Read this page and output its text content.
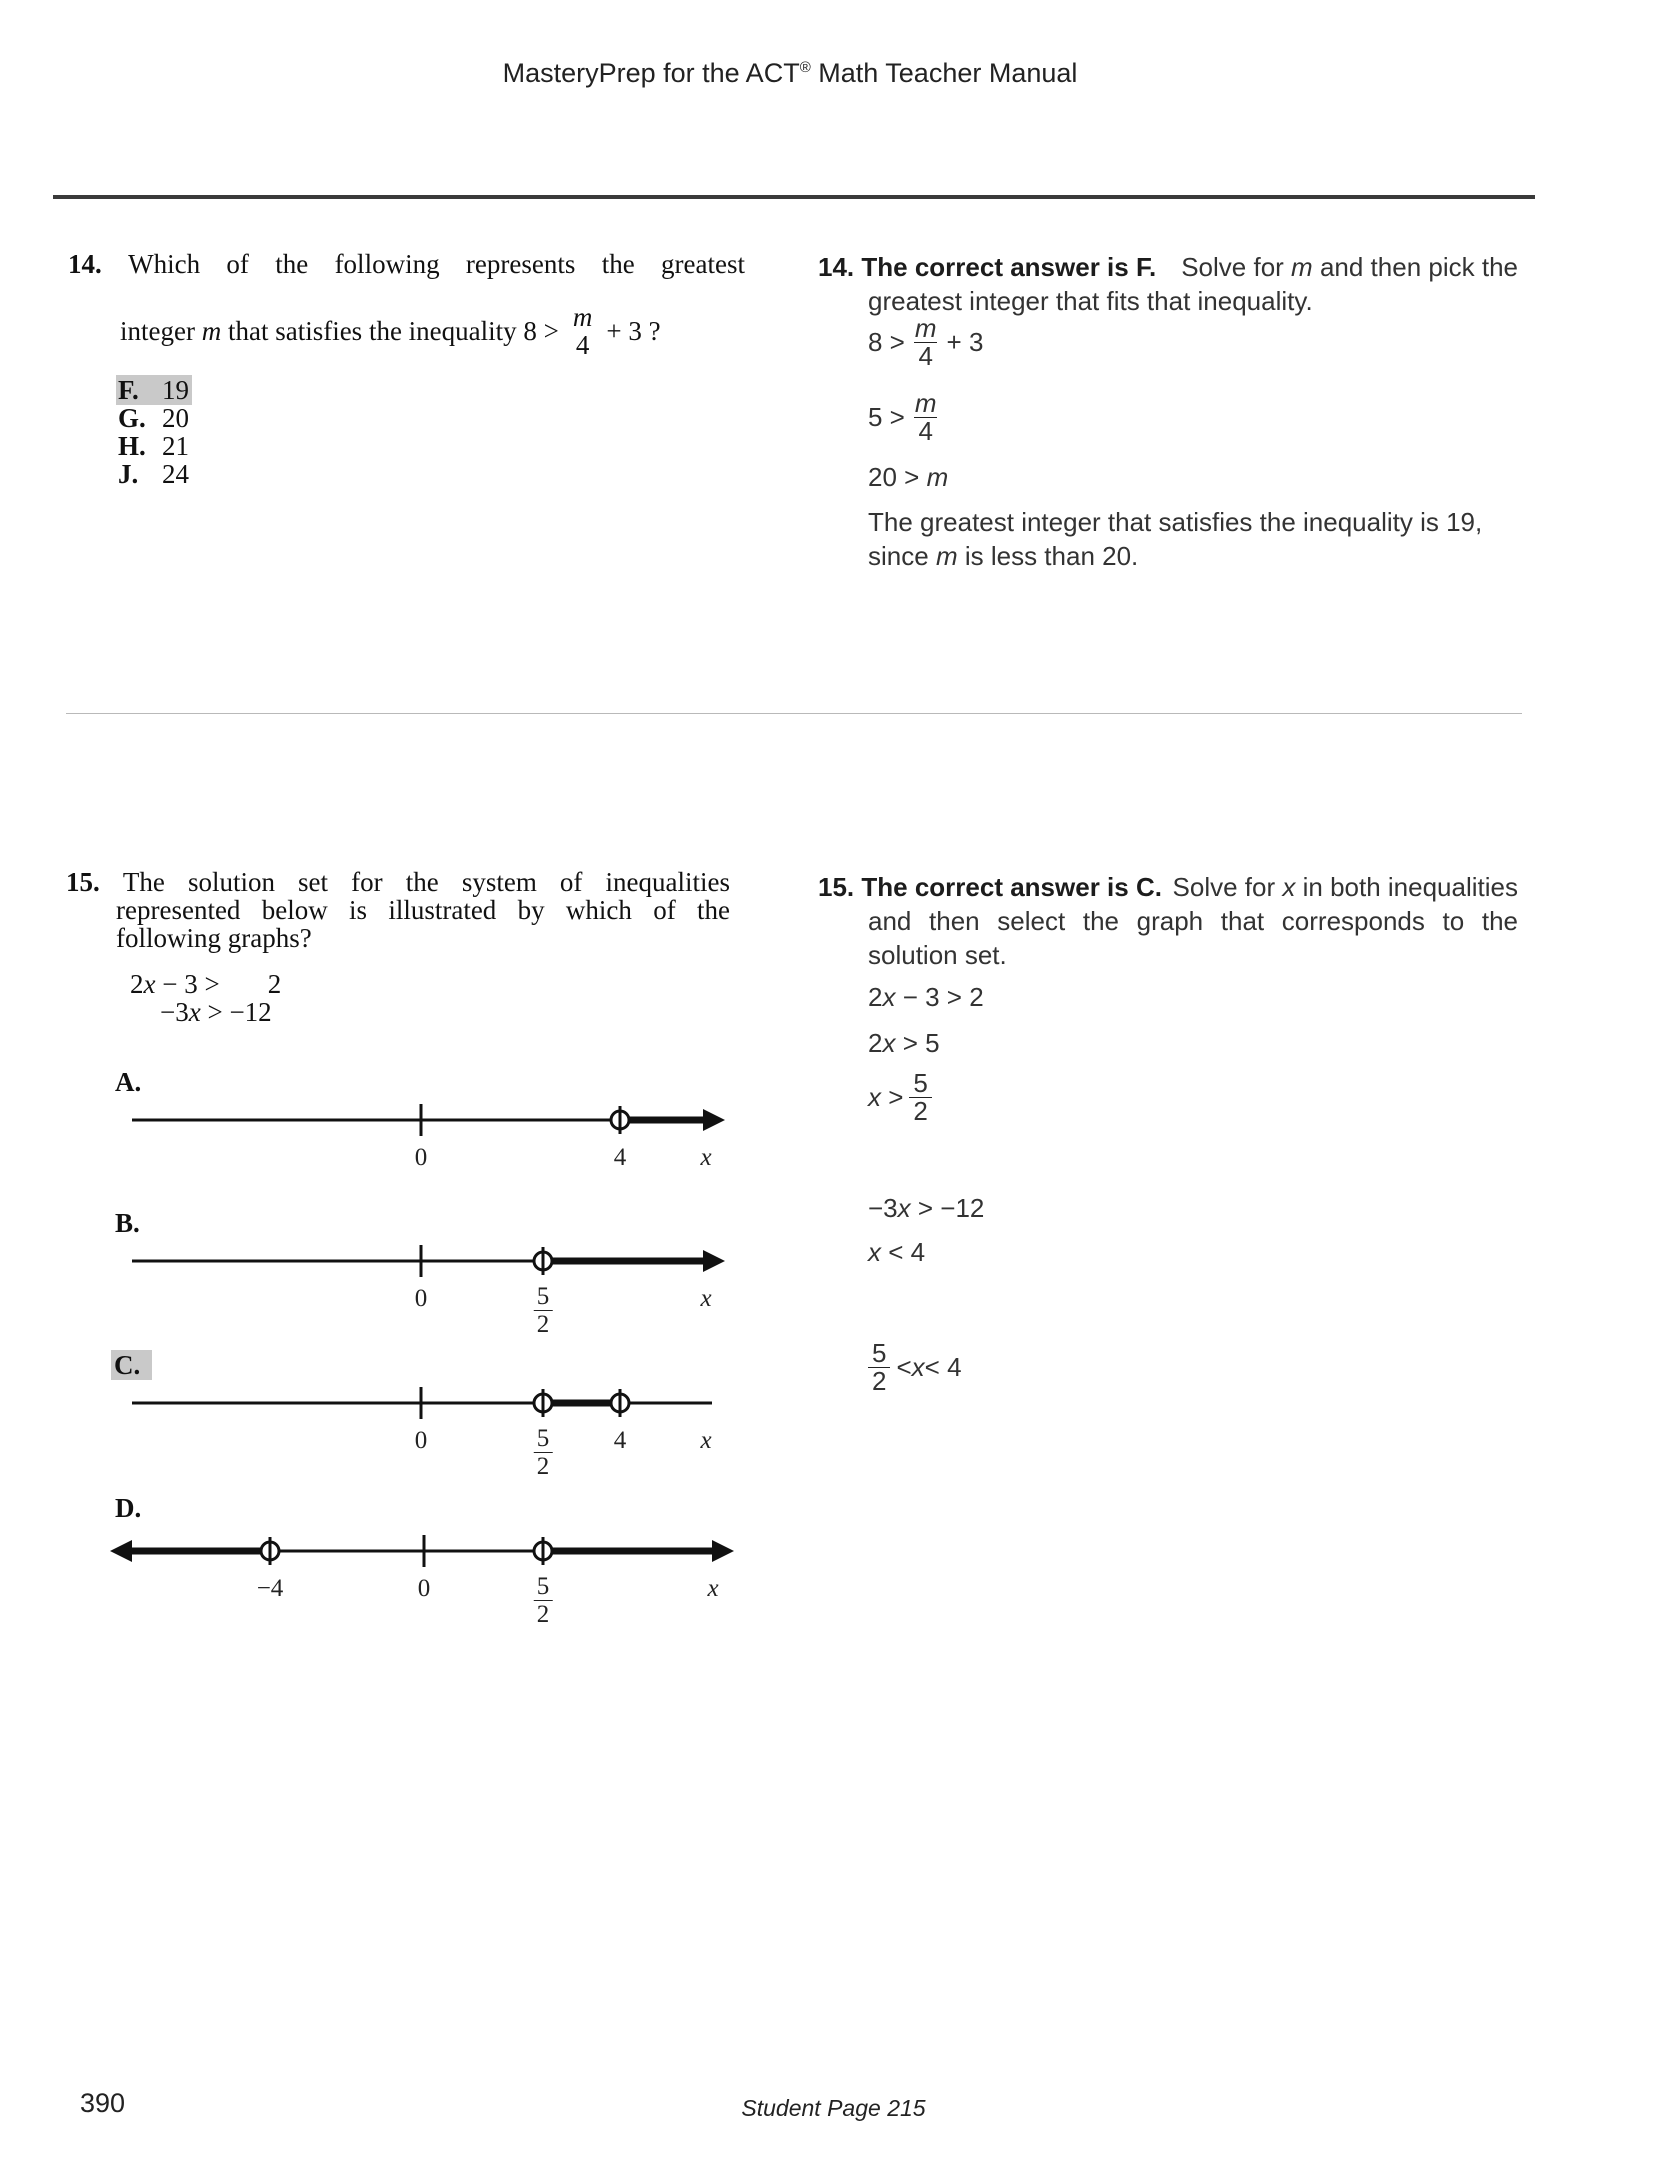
MasteryPrep for the ACT® Math Teacher Manual
14. Which of the following represents the greatest
integer
m
that satisfies the inequality 8 > m
4 + 3 ?
F. 19
G. 20
H. 21
J. 24
14. The correct answer is F. Solve for m and then pick the
greatest integer that fits that inequality.
$8 > \frac{m}{4} + 3$
$5 > \frac{m}{4}$
20 > m
The greatest integer that satisfies the inequality is 19,
since m is less than 20.
15. The solution set for the system of inequalities
represented below is illustrated by which of the
following graphs?
2x − 3 > 2
−3x > −12
A.
0	4	x
B.
0	$\frac{5}{2}$	x
C.
0	$\frac{5}{2} 4$	x
D.
−4	0	$\frac{5}{2}$	x
15. The correct answer is C. Solve for x in both inequalities
and then select the graph that corresponds to the
solution set.
2x − 3 > 2
2x > 5
$x > \frac{5}{2}$
−3x > −12
x < 4
$\frac{5}{2} < x < 4$
390	Student Page 215
